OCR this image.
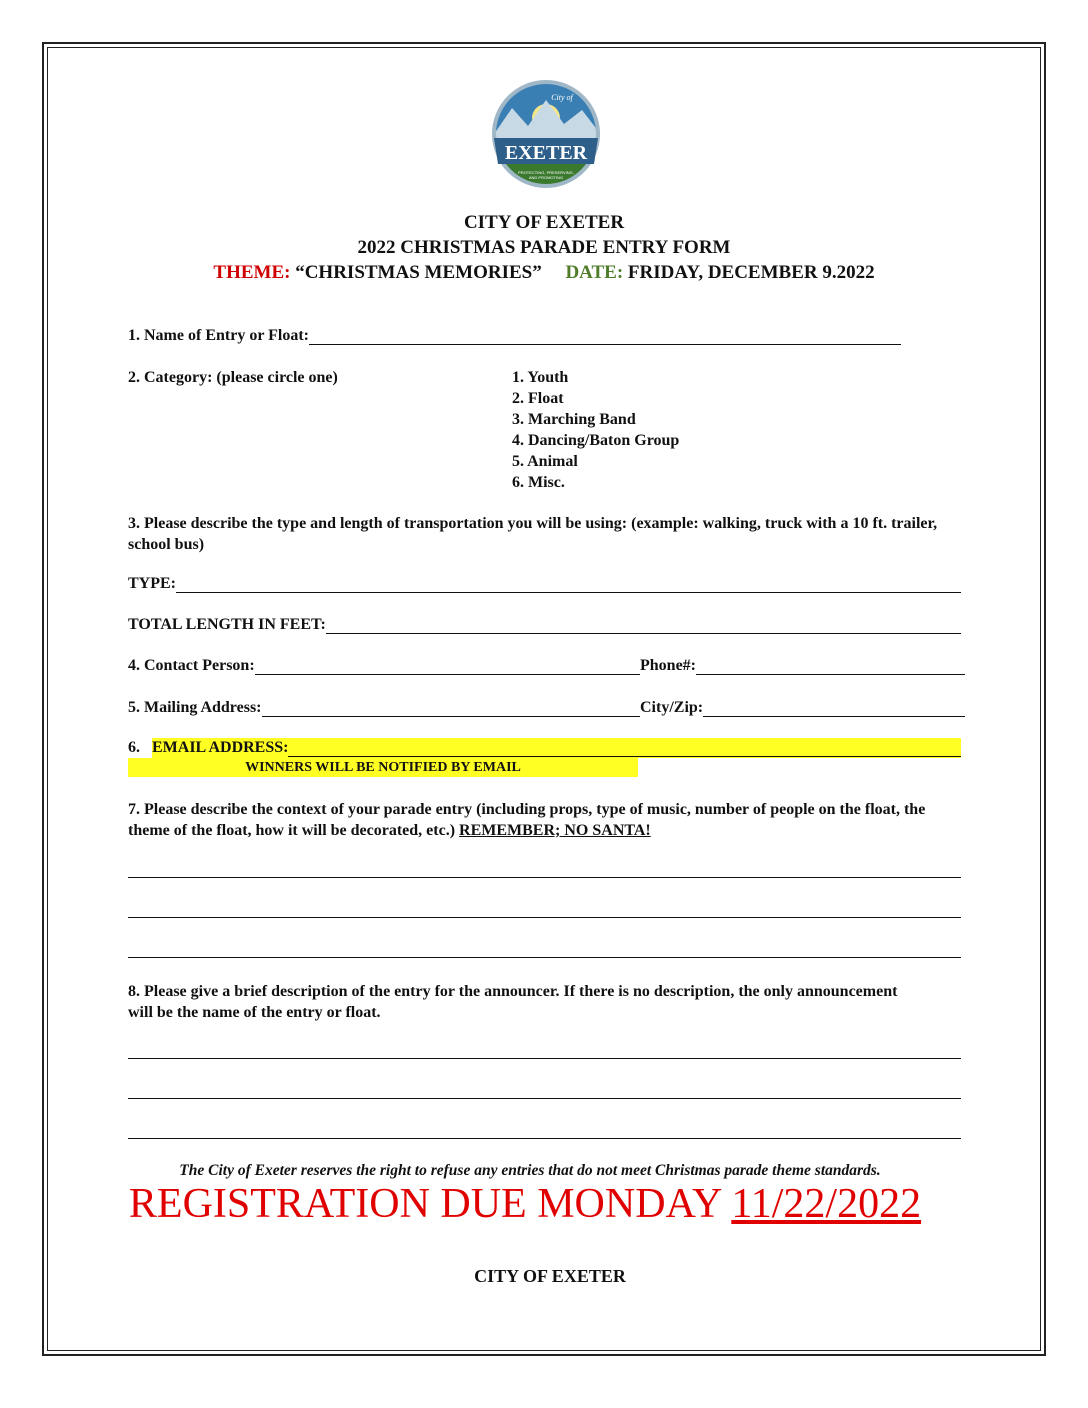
EXETER
PROTECTING, PRESERVING,
AND PROMOTING
City of
CITY OF EXETER
2022 CHRISTMAS PARADE ENTRY FORM
THEME: “CHRISTMAS MEMORIES” DATE: FRIDAY, DECEMBER 9.2022
1. Name of Entry or Float:
2. Category: (please circle one)	1. Youth
2. Float
3. Marching Band
4. Dancing/Baton Group
5. Animal
6. Misc.
3. Please describe the type and length of transportation you will be using: (example: walking, truck with a 10 ft. trailer, school bus)
TYPE:
TOTAL LENGTH IN FEET:
4. Contact Person:	Phone#:
5. Mailing Address:	City/Zip:
6. EMAIL ADDRESS:
WINNERS WILL BE NOTIFIED BY EMAIL
7. Please describe the context of your parade entry (including props, type of music, number of people on the float, the theme of the float, how it will be decorated, etc.) REMEMBER; NO SANTA!
8. Please give a brief description of the entry for the announcer. If there is no description, the only announcement will be the name of the entry or float.
The City of Exeter reserves the right to refuse any entries that do not meet Christmas parade theme standards.
REGISTRATION DUE MONDAY 11/22/2022
CITY OF EXETER
